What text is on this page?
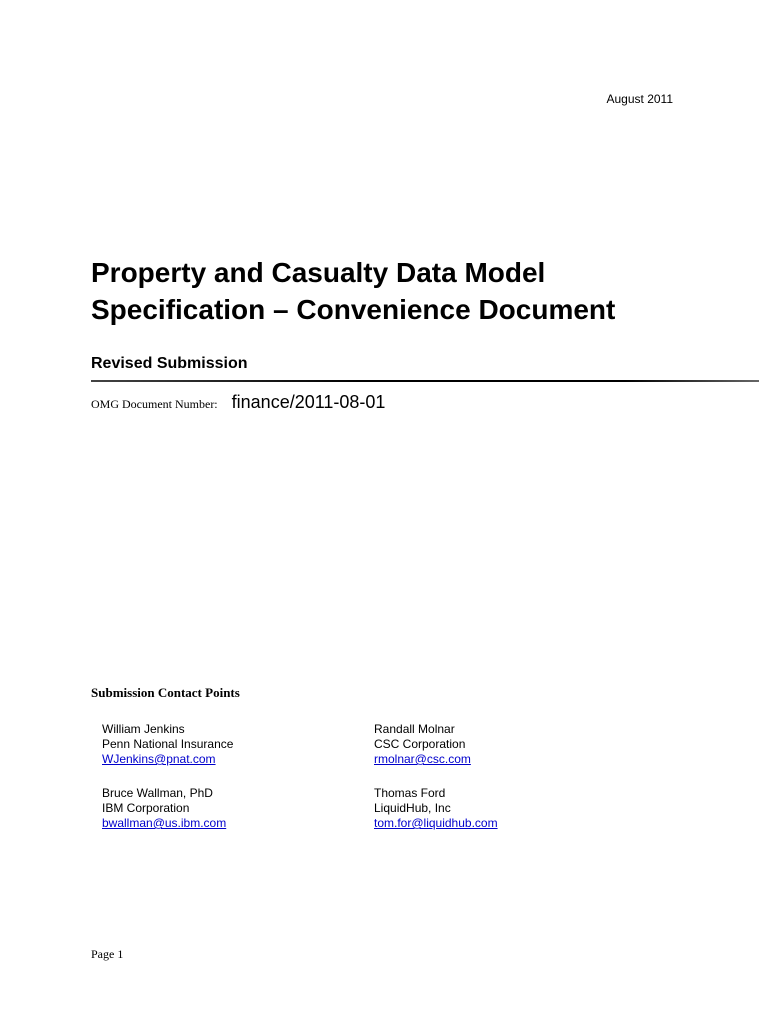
August 2011
Property and Casualty Data Model
Specification – Convenience Document
Revised Submission
OMG Document Number: finance/2011-08-01
Submission Contact Points
William Jenkins
Penn National Insurance
WJenkins@pnat.com
Randall Molnar
CSC Corporation
rmolnar@csc.com
Bruce Wallman, PhD
IBM Corporation
bwallman@us.ibm.com
Thomas Ford
LiquidHub, Inc
tom.for@liquidhub.com
Page 1
